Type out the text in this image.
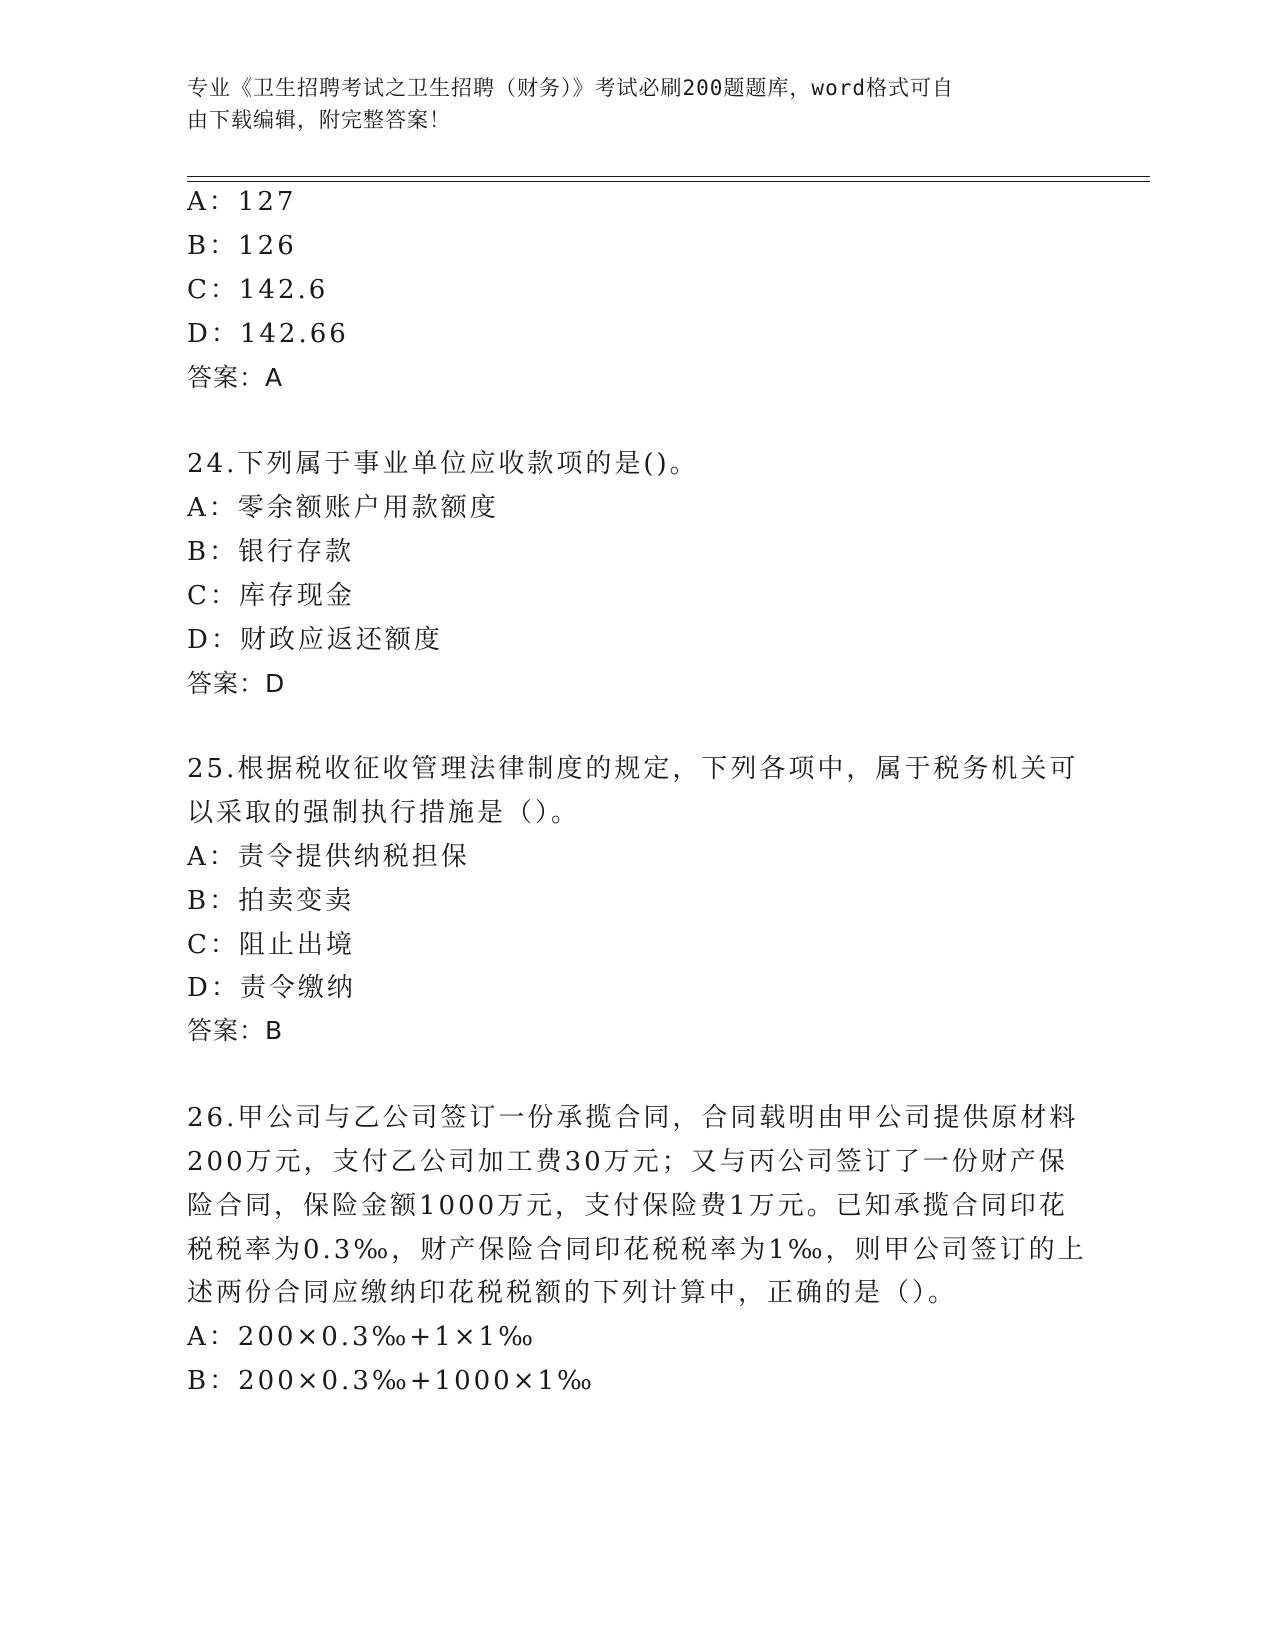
专业《卫生招聘考试之卫生招聘（财务）》考试必刷200题题库，word格式可自
由下载编辑，附完整答案！
A：127
B：126
C：142.6
D：142.66
答案：A
24.下列属于事业单位应收款项的是()。
A：零余额账户用款额度
B：银行存款
C：库存现金
D：财政应返还额度
答案：D
25.根据税收征收管理法律制度的规定，下列各项中，属于税务机关可
以采取的强制执行措施是（）。
A：责令提供纳税担保
B：拍卖变卖
C：阻止出境
D：责令缴纳
答案：B
26.甲公司与乙公司签订一份承揽合同，合同载明由甲公司提供原材料
200万元，支付乙公司加工费30万元；又与丙公司签订了一份财产保
险合同，保险金额1000万元，支付保险费1万元。已知承揽合同印花
税税率为0.3‰，财产保险合同印花税税率为1‰，则甲公司签订的上
述两份合同应缴纳印花税税额的下列计算中，正确的是（）。
A：200×0.3‰+1×1‰
B：200×0.3‰+1000×1‰
